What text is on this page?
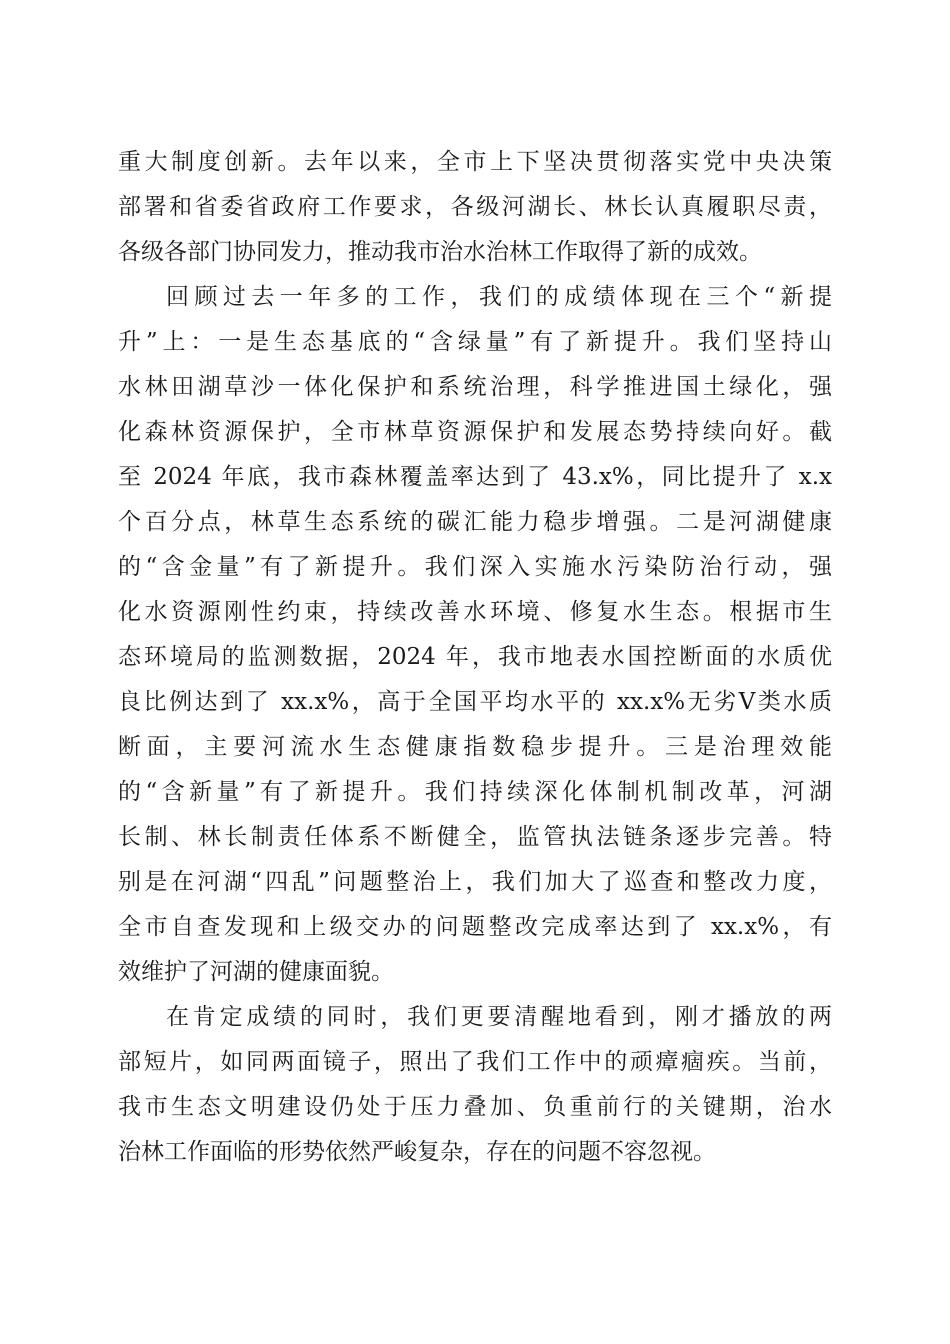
重大制度创新。去年以来，全市上下坚决贯彻落实党中央决策
部署和省委省政府工作要求，各级河湖长、林长认真履职尽责，
各级各部门协同发力，推动我市治水治林工作取得了新的成效。
回顾过去一年多的工作，我们的成绩体现在三个“新提
升”上：一是生态基底的“含绿量”有了新提升。我们坚持山
水林田湖草沙一体化保护和系统治理，科学推进国土绿化，强
化森林资源保护，全市林草资源保护和发展态势持续向好。截
至 2024 年底，我市森林覆盖率达到了 43.x%，同比提升了 x.x
个百分点，林草生态系统的碳汇能力稳步增强。二是河湖健康
的“含金量”有了新提升。我们深入实施水污染防治行动，强
化水资源刚性约束，持续改善水环境、修复水生态。根据市生
态环境局的监测数据，2024 年，我市地表水国控断面的水质优
良比例达到了 xx.x%，高于全国平均水平的 xx.x%无劣Ⅴ类水质
断面，主要河流水生态健康指数稳步提升。三是治理效能
的“含新量”有了新提升。我们持续深化体制机制改革，河湖
长制、林长制责任体系不断健全，监管执法链条逐步完善。特
别是在河湖“四乱”问题整治上，我们加大了巡查和整改力度，
全市自查发现和上级交办的问题整改完成率达到了 xx.x%，有
效维护了河湖的健康面貌。
在肯定成绩的同时，我们更要清醒地看到，刚才播放的两
部短片，如同两面镜子，照出了我们工作中的顽瘴痼疾。当前，
我市生态文明建设仍处于压力叠加、负重前行的关键期，治水
治林工作面临的形势依然严峻复杂，存在的问题不容忽视。
